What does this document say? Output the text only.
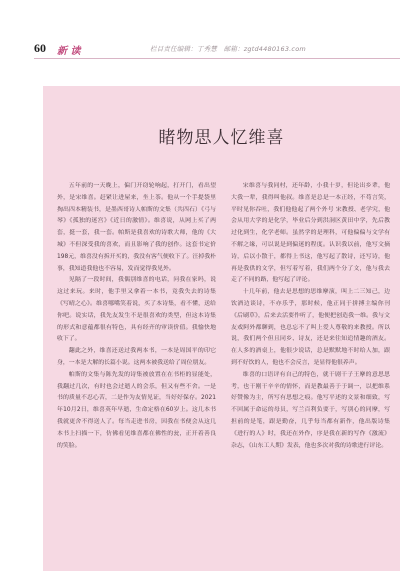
60 新 读	栏目责任编辑：丁秀慧　邮箱：zgtd4480163.com
睹物思人忆维喜

五年前的一天晚上，偏门开窃轮响起，打开门，看出望外，是宋维喜。赶紧让进屋来，坐上茶。他从一个手提袋里掏出四本精装书，是墨西哥诗人帕斯的文集（共四石）《弓与琴》《孤独的迷宫》《近日的激情》。维喜说，从网上买了两套，挺一套，我一套。帕斯是我喜欢的诗歌大师，他的《大城》不但深受我的喜欢，而且影响了我的创作。这套书定价198元，维喜没有拆开买的，我没有客气便收下了。汪掉我朴事，我知道我他也不容易，发而觉得我见外。

见隔了一段时间，我偶别维喜的电话，问我在家吗，说这过来玩。来时，他手里又拿着一本书，竟我失去的诗集《写晴之心》。维喜哪嘴笑着说，买了本诗集，看不懂，送给你吧。说实话，我先友发生不是很喜欢的类型，但这本诗集的形式和意蕴都很有特色，具有经齐的审读价值。我愉快地收下了。

翻此之外，维喜还送过我两本书，一本是周国平的印它身，一本是大解的长篇小说。这两本被我送给了周位朋友。

帕斯的文集与陈先发的诗集被放置在在书柜的显能处，我翻过几次，有时也会过逝人的会乐，但又有些不舍。一是书的质量不忍心苦，二是作为友情见证，当好好保存。2021年10月2日，维喜英年早逝，生命定格在60岁上。这几本书我就更舍不得送人了。每当走进书房，因我在书便会从这几本书上扫描一下，仿佛看见维喜都在佛性的瓮，正开着善良的笑脸。

宋维喜与我同村，还年龄，小我十岁，但论出乡辈，他大我一辈，我得叫他叔。维喜是总是一本正经，不苟言笑，平时见你吞吐，我们他他起了两个外号 宋教授、老学究，他会从用大学的是化学，毕业后分到洪洞区黄田中学，先后教过化到生，化学老师。虽然学的是理科，可他偏偏与文学有不解之缘，可以说是到偏迷的程度。认识我以前，他写文摘诗，后以小散于，都得上书这，他写起了散诗，还写诗，他再是我供的文学，但写着写着，我们两个分了文，他与我去走了不同的路，他写起了评论。

十几年前，他去是思想的思维摩演，叫上二三知己，边饮酒边谈诗，不亦乐乎，那时候，他正同于拼搏主编你刊《后刷草》，后来去活要作听了，他便把创造我一维。我与文友戏阿外都聊到，也总忘不了叫上爱人尊敬的来教授。所以说，我们两个但且同乡、诗友，还是来往知追情趣的酒友。在人多的酒桌上，他很少说话，总是默默地不时给人加，跟到不好饮的人，他也不会反言，是显得他很养声。

维喜的口语评有自己的特色，就干剧干子王摩的意思思考，也干刚干辛辛的情怀，而是教最善于于调一，以把维系好赞像为主，所写有思想之痕。他写平述的文景和细致，写不回属于命运的母员，写兰百利负要于，写别心的同摩，写担前的是笔，跟是勤奋，几乎每当都有新作，他出版诗集《进行的人》时，我还在外作，序是我在新的写作《激流》杂志，《山东工人期》发表，他也多次对我的诗歌进行评论。
